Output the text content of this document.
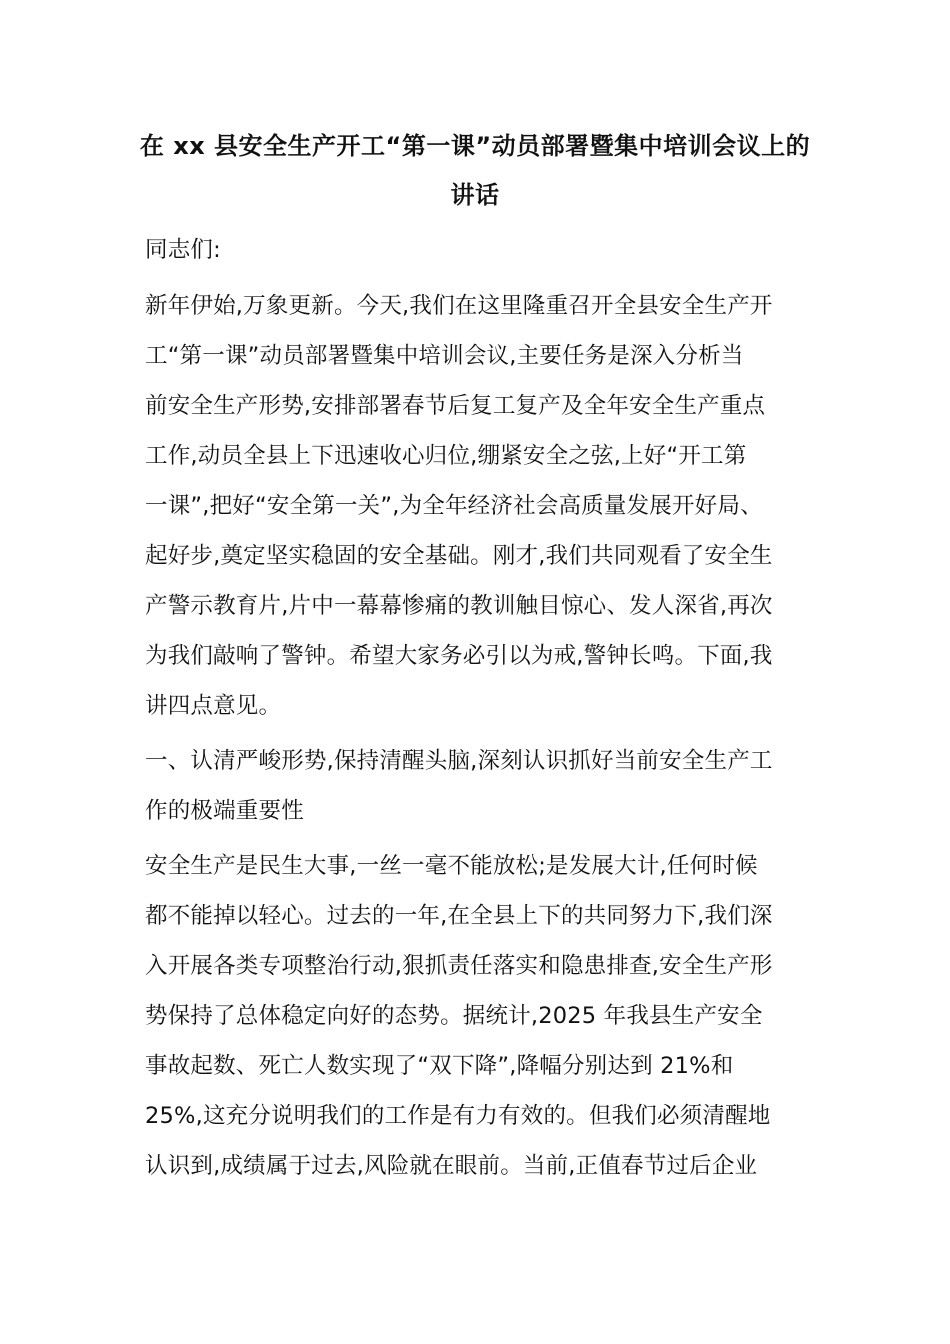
在 xx 县安全生产开工“第一课”动员部署暨集中培训会议上的
讲话
同志们:
新年伊始,万象更新。今天,我们在这里隆重召开全县安全生产开
工“第一课”动员部署暨集中培训会议,主要任务是深入分析当
前安全生产形势,安排部署春节后复工复产及全年安全生产重点
工作,动员全县上下迅速收心归位,绷紧安全之弦,上好“开工第
一课”,把好“安全第一关”,为全年经济社会高质量发展开好局、
起好步,奠定坚实稳固的安全基础。刚才,我们共同观看了安全生
产警示教育片,片中一幕幕惨痛的教训触目惊心、发人深省,再次
为我们敲响了警钟。希望大家务必引以为戒,警钟长鸣。下面,我
讲四点意见。
一、认清严峻形势,保持清醒头脑,深刻认识抓好当前安全生产工
作的极端重要性
安全生产是民生大事,一丝一毫不能放松;是发展大计,任何时候
都不能掉以轻心。过去的一年,在全县上下的共同努力下,我们深
入开展各类专项整治行动,狠抓责任落实和隐患排查,安全生产形
势保持了总体稳定向好的态势。据统计,2025 年我县生产安全
事故起数、死亡人数实现了“双下降”,降幅分别达到 21%和
25%,这充分说明我们的工作是有力有效的。但我们必须清醒地
认识到,成绩属于过去,风险就在眼前。当前,正值春节过后企业
